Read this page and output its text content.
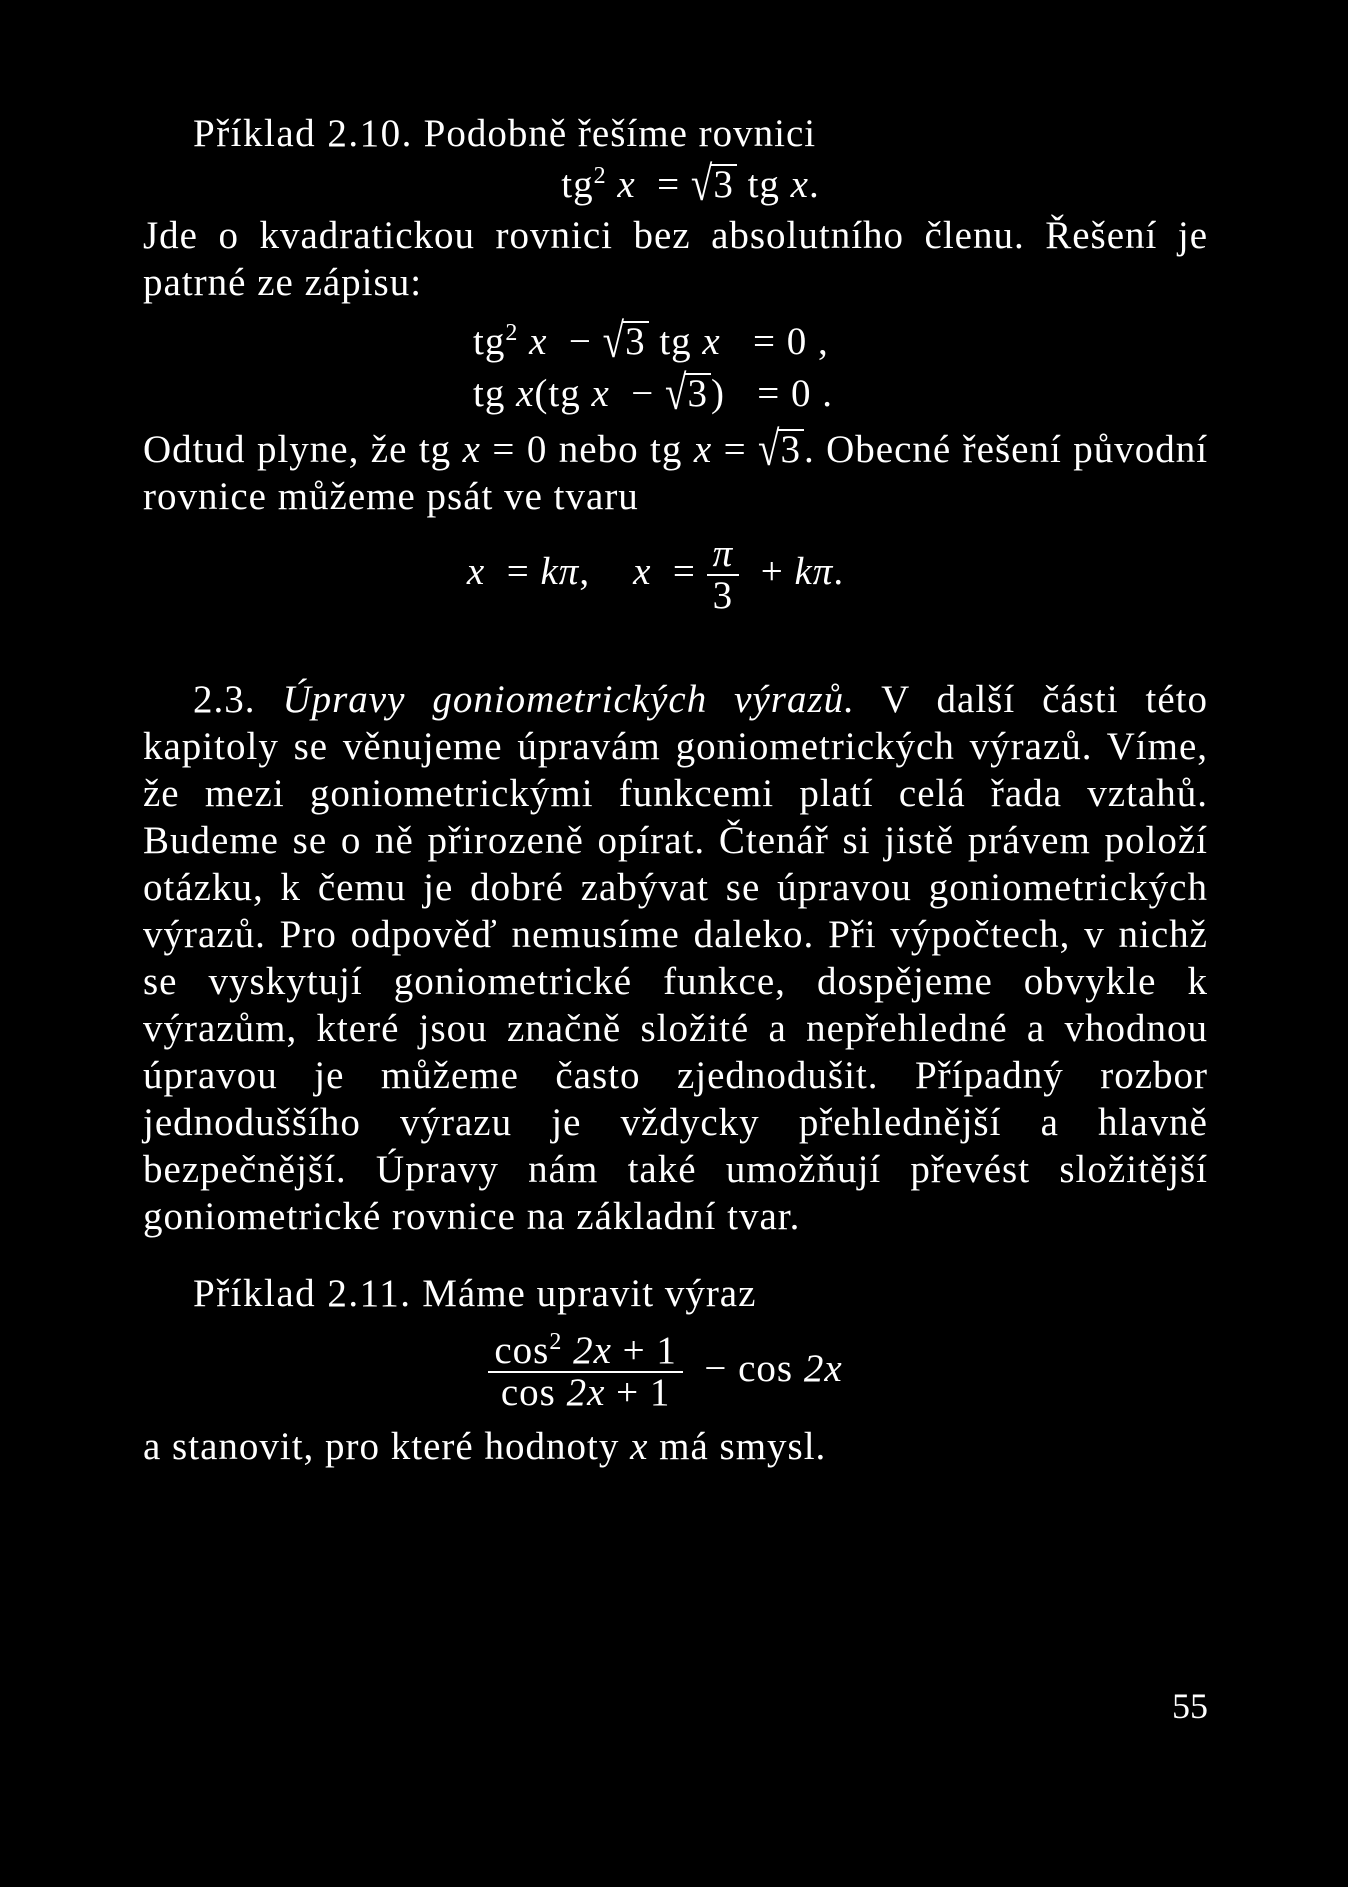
Příklad 2.10. Podobně řešíme rovnici

$tg^2$ x = √3 tg x.

Jde o kvadratickou rovnici bez absolutního členu. Řešení je patrné ze zápisu:

$tg^2$ x − √3 tg x = 0 ,
tg x(tg x − √3) = 0 .

Odtud plyne, že tg x = 0 nebo tg x = √3. Obecné řešení původní rovnice můžeme psát ve tvaru

x = kπ, $x = \frac{\pi}{3} + k\pi$.

2.3. Úpravy goniometrických výrazů. V další části této kapitoly se věnujeme úpravám goniometrických výrazů. Víme, že mezi goniometrickými funkcemi platí celá řada vztahů. Budeme se o ně přirozeně opírat. Čtenář si jistě právem položí otázku, k čemu je dobré zabývat se úpravou goniometrických výrazů. Pro odpověď nemusíme daleko. Při výpočtech, v nichž se vyskytují goniometrické funkce, dospějeme obvykle k výrazům, které jsou značně složité a nepřehledné a vhodnou úpravou je můžeme často zjednodušit. Případný rozbor jednoduššího výrazu je vždycky přehlednější a hlavně bezpečnější. Úpravy nám také umožňují převést složitější goniometrické rovnice na základní tvar.

Příklad 2.11. Máme upravit výraz

$\frac{\cos^2 2x + 1}{\cos 2x + 1} - \cos 2x$

a stanovit, pro které hodnoty x má smysl.

55
